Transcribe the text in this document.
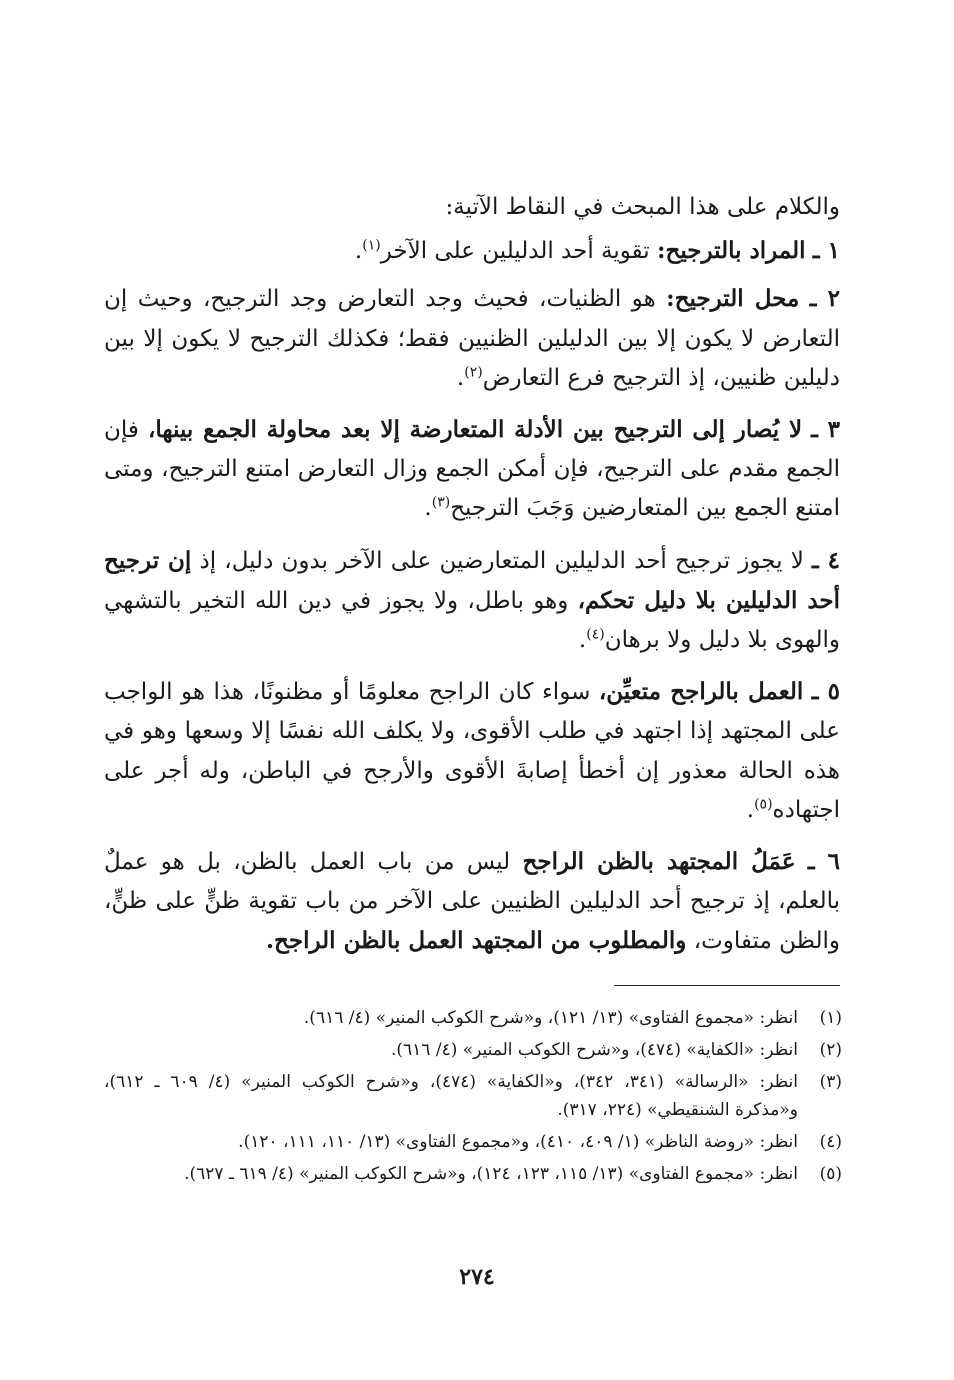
والكلام على هذا المبحث في النقاط الآتية:

١ ـ المراد بالترجيح: تقوية أحد الدليلين على الآخر$^{(١)}$.

٢ ـ محل الترجيح: هو الظنيات، فحيث وجد التعارض وجد الترجيح، وحيث إن التعارض لا يكون إلا بين الدليلين الظنيين فقط؛ فكذلك الترجيح لا يكون إلا بين دليلين ظنيين، إذ الترجيح فرع التعارض$^{(٢)}$.

٣ ـ لا يُصار إلى الترجيح بين الأدلة المتعارضة إلا بعد محاولة الجمع بينها، فإن الجمع مقدم على الترجيح، فإن أمكن الجمع وزال التعارض امتنع الترجيح، ومتى امتنع الجمع بين المتعارضين وَجَبَ الترجيح$^{(٣)}$.

٤ ـ لا يجوز ترجيح أحد الدليلين المتعارضين على الآخر بدون دليل، إذ إن ترجيح أحد الدليلين بلا دليل تحكم، وهو باطل، ولا يجوز في دين الله التخير بالتشهي والهوى بلا دليل ولا برهان$^{(٤)}$.

٥ ـ العمل بالراجح متعيِّن، سواء كان الراجح معلومًا أو مظنونًا، هذا هو الواجب على المجتهد إذا اجتهد في طلب الأقوى، ولا يكلف الله نفسًا إلا وسعها وهو في هذه الحالة معذور إن أخطأ إصابةَ الأقوى والأرجح في الباطن، وله أجر على اجتهاده$^{(٥)}$.

٦ ـ عَمَلُ المجتهد بالظن الراجح ليس من باب العمل بالظن، بل هو عملٌ بالعلم، إذ ترجيح أحد الدليلين الظنيين على الآخر من باب تقوية ظنٍّ على ظنٍّ، والظن متفاوت، والمطلوب من المجتهد العمل بالظن الراجح.

(١)
انظر: «مجموع الفتاوى» (١٣/ ١٢١)، و«شرح الكوكب المنير» (٤/ ٦١٦).
(٢)
انظر: «الكفاية» (٤٧٤)، و«شرح الكوكب المنير» (٤/ ٦١٦).
(٣)
انظر: «الرسالة» (٣٤١، ٣٤٢)، و«الكفاية» (٤٧٤)، و«شرح الكوكب المنير» (٤/ ٦٠٩ ـ ٦١٢)، و«مذكرة الشنقيطي» (٢٢٤، ٣١٧).
(٤)
انظر: «روضة الناظر» (١/ ٤٠٩، ٤١٠)، و«مجموع الفتاوى» (١٣/ ١١٠، ١١١، ١٢٠).
(٥)
انظر: «مجموع الفتاوى» (١٣/ ١١٥، ١٢٣، ١٢٤)، و«شرح الكوكب المنير» (٤/ ٦١٩ ـ ٦٢٧).
٢٧٤
